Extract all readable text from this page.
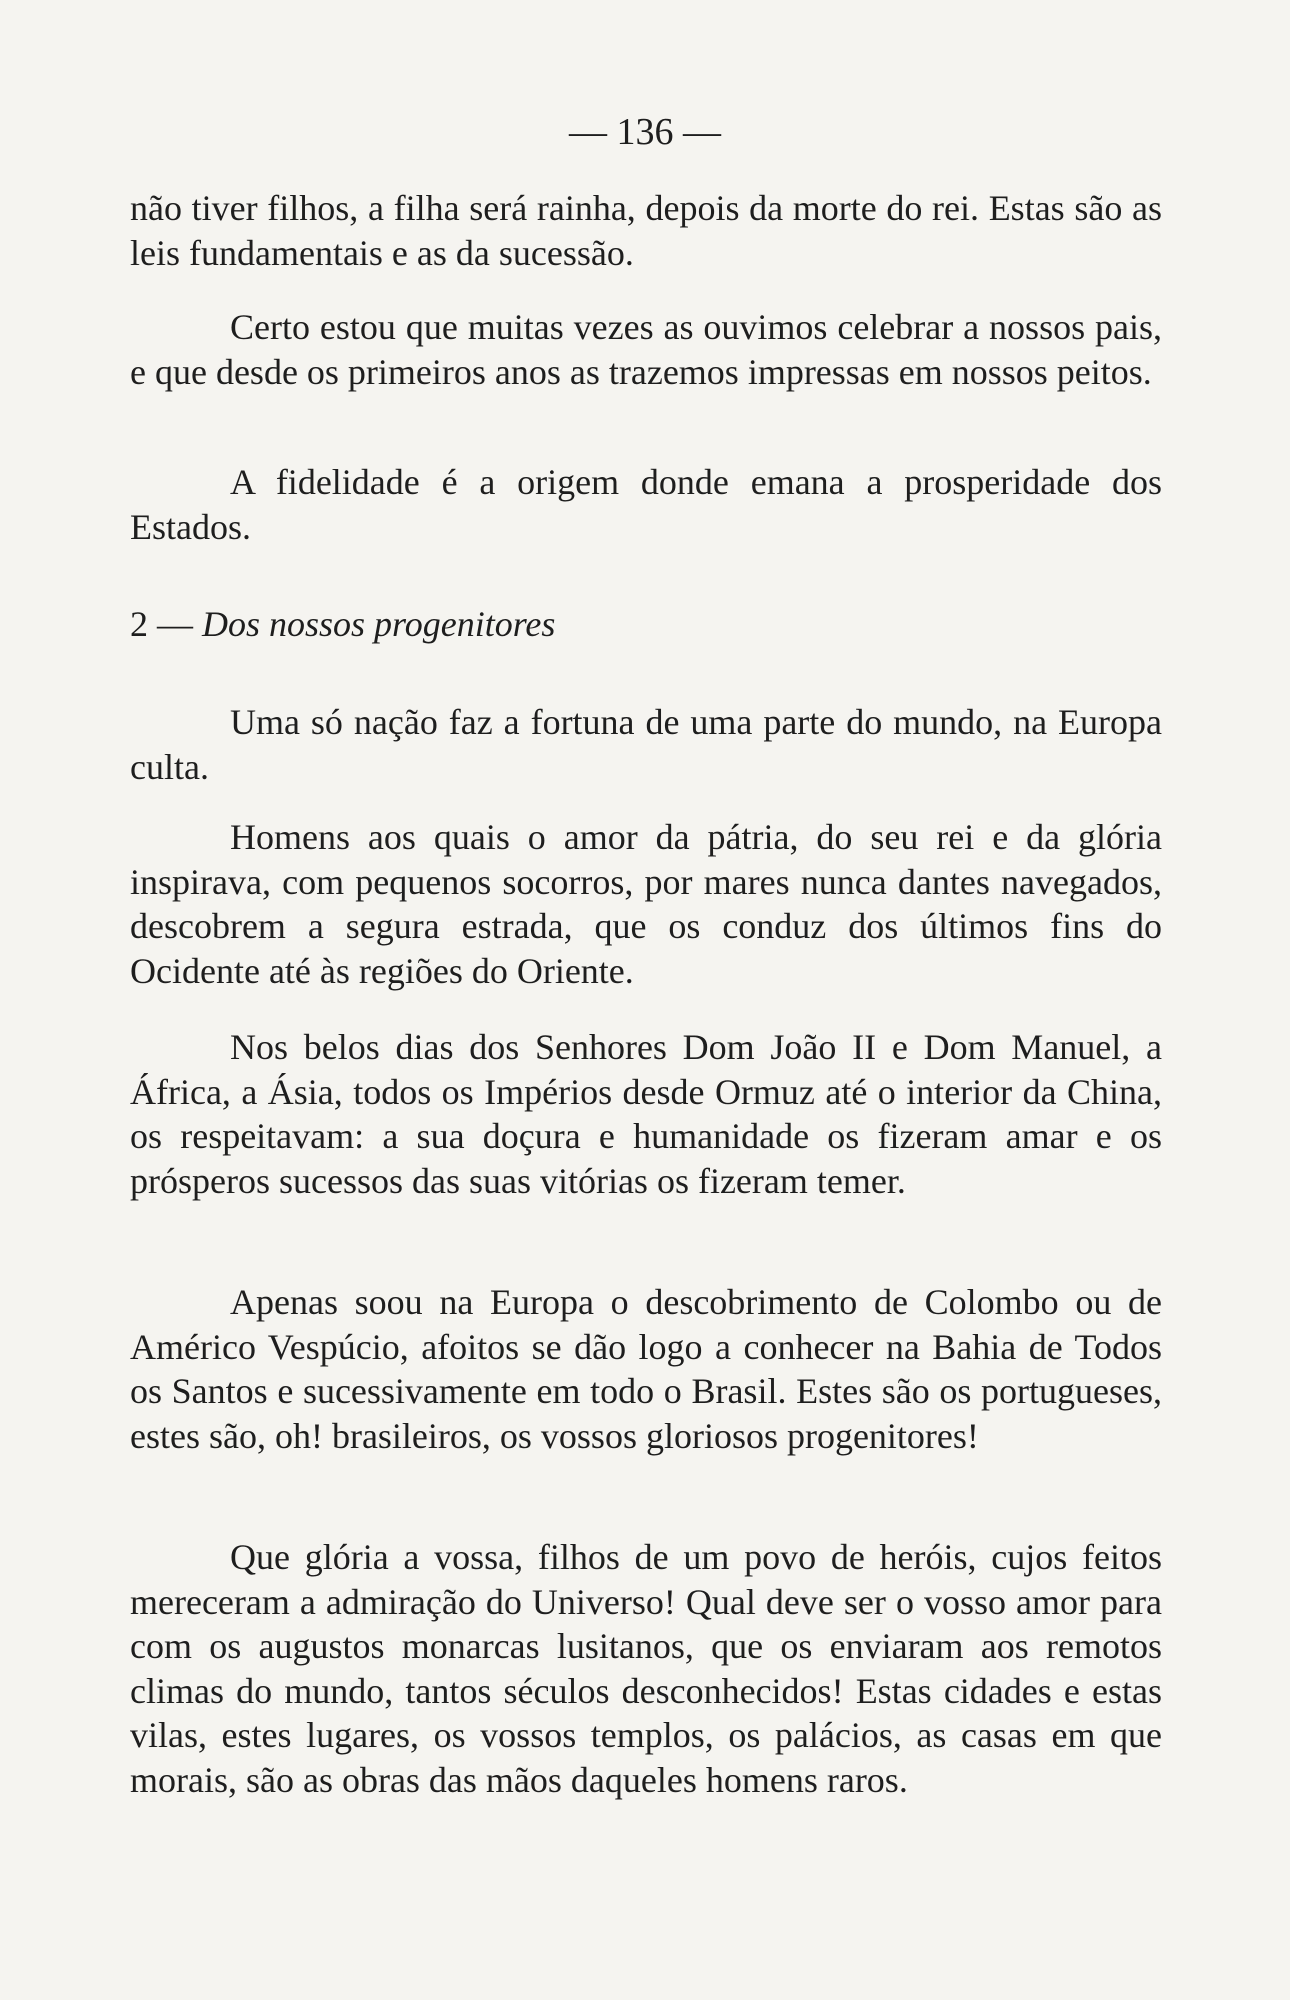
— 136 —

não tiver filhos, a filha será rainha, depois da morte do rei. Estas são as leis fundamentais e as da sucessão.

Certo estou que muitas vezes as ouvimos celebrar a nossos pais, e que desde os primeiros anos as trazemos impressas em nossos peitos.

A fidelidade é a origem donde emana a prosperidade dos Estados.

2 — Dos nossos progenitores

Uma só nação faz a fortuna de uma parte do mundo, na Europa culta.

Homens aos quais o amor da pátria, do seu rei e da glória inspirava, com pequenos socorros, por mares nunca dantes navegados, descobrem a segura estrada, que os conduz dos últimos fins do Ocidente até às regiões do Oriente.

Nos belos dias dos Senhores Dom João II e Dom Manuel, a África, a Ásia, todos os Impérios desde Ormuz até o interior da China, os respeitavam: a sua doçura e humanidade os fizeram amar e os prósperos sucessos das suas vitórias os fizeram temer.

Apenas soou na Europa o descobrimento de Colombo ou de Américo Vespúcio, afoitos se dão logo a conhecer na Bahia de Todos os Santos e sucessivamente em todo o Brasil. Estes são os portugueses, estes são, oh! brasileiros, os vossos gloriosos progenitores!

Que glória a vossa, filhos de um povo de heróis, cujos feitos mereceram a admiração do Universo! Qual deve ser o vosso amor para com os augustos monarcas lusitanos, que os enviaram aos remotos climas do mundo, tantos séculos desconhecidos! Estas cidades e estas vilas, estes lugares, os vossos templos, os palácios, as casas em que morais, são as obras das mãos daqueles homens raros.
